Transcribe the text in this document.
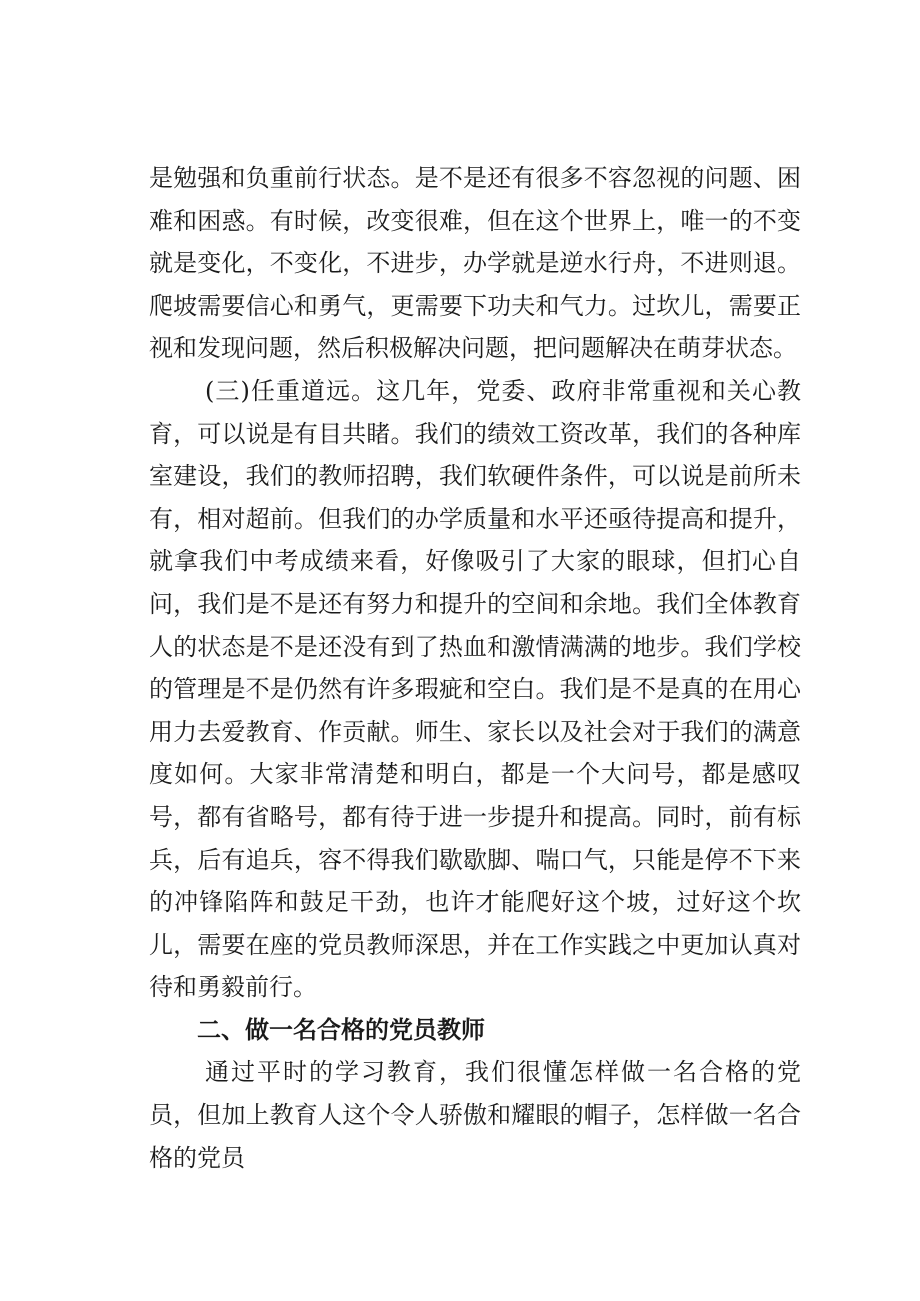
是勉强和负重前行状态。是不是还有很多不容忽视的问题、困难和困惑。有时候，改变很难，但在这个世界上，唯一的不变就是变化，不变化，不进步，办学就是逆水行舟，不进则退。爬坡需要信心和勇气，更需要下功夫和气力。过坎儿，需要正视和发现问题，然后积极解决问题，把问题解决在萌芽状态。

(三)任重道远。这几年，党委、政府非常重视和关心教育，可以说是有目共睹。我们的绩效工资改革，我们的各种库室建设，我们的教师招聘，我们软硬件条件，可以说是前所未有，相对超前。但我们的办学质量和水平还亟待提高和提升，就拿我们中考成绩来看，好像吸引了大家的眼球，但扪心自问，我们是不是还有努力和提升的空间和余地。我们全体教育人的状态是不是还没有到了热血和激情满满的地步。我们学校的管理是不是仍然有许多瑕疵和空白。我们是不是真的在用心用力去爱教育、作贡献。师生、家长以及社会对于我们的满意度如何。大家非常清楚和明白，都是一个大问号，都是感叹号，都有省略号，都有待于进一步提升和提高。同时，前有标兵，后有追兵，容不得我们歇歇脚、喘口气，只能是停不下来的冲锋陷阵和鼓足干劲，也许才能爬好这个坡，过好这个坎儿，需要在座的党员教师深思，并在工作实践之中更加认真对待和勇毅前行。

二、做一名合格的党员教师

通过平时的学习教育，我们很懂怎样做一名合格的党员，但加上教育人这个令人骄傲和耀眼的帽子，怎样做一名合格的党员
